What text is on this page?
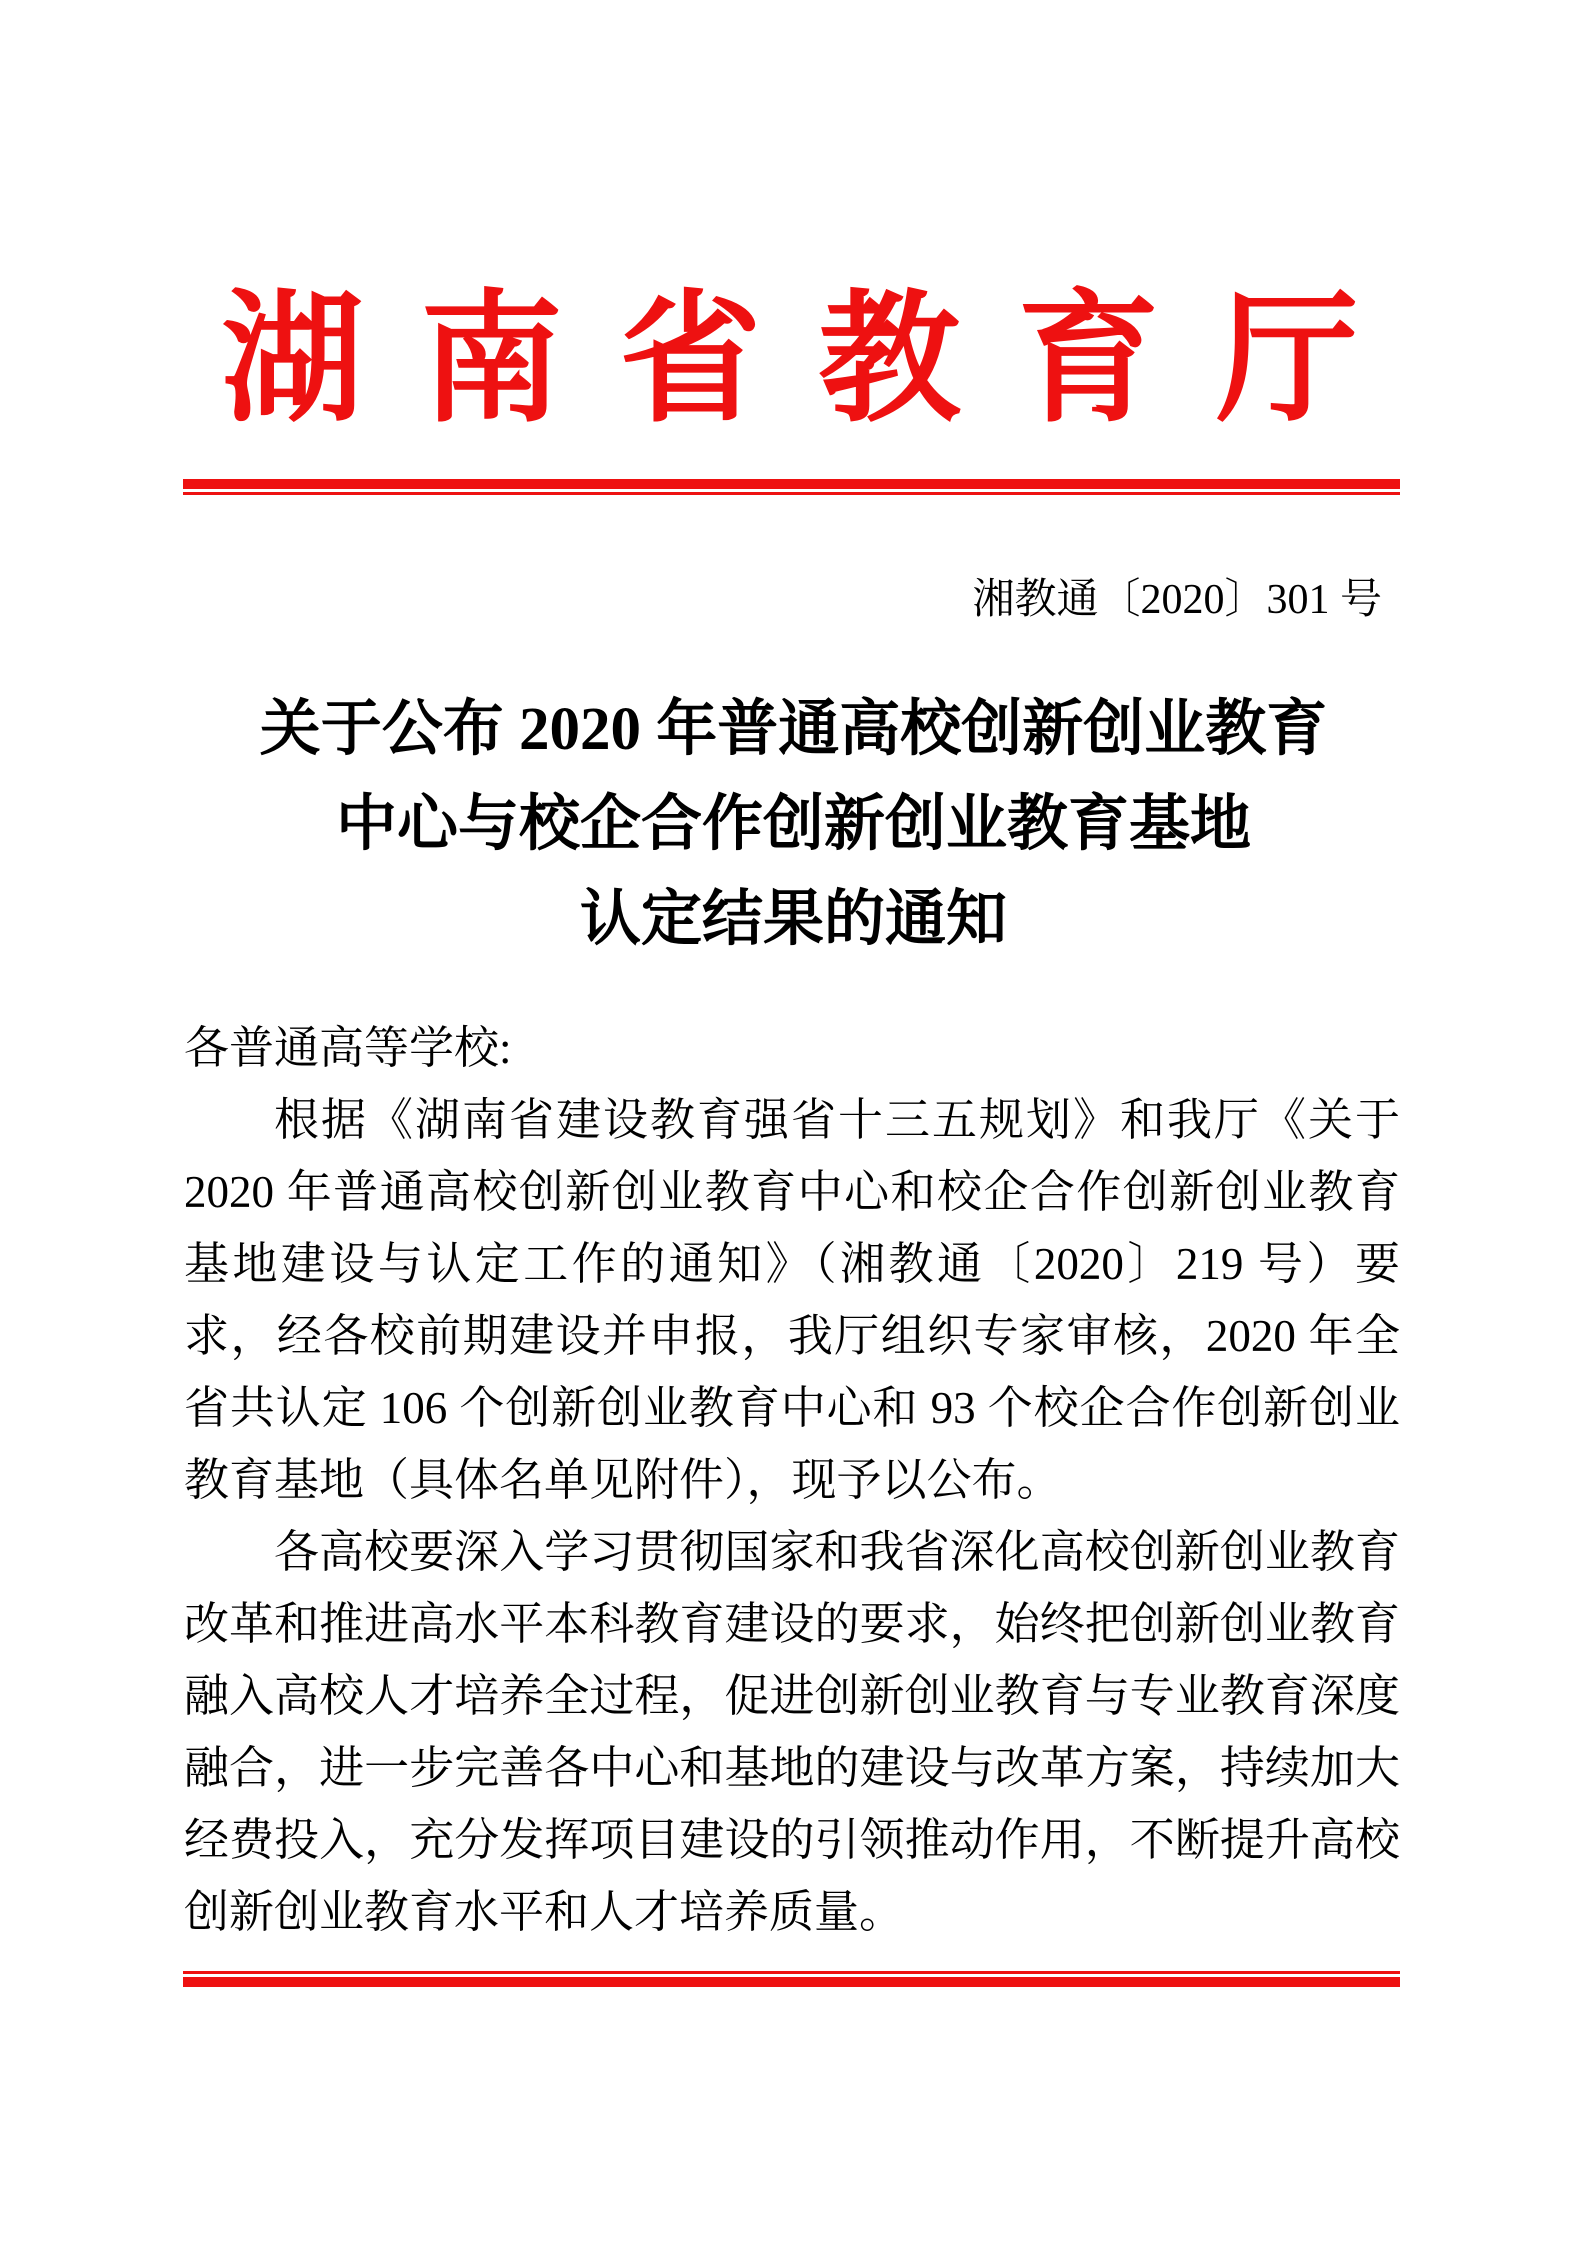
湖南省教育厅
湘教通〔2020〕301 号
关于公布 2020 年普通高校创新创业教育
中心与校企合作创新创业教育基地
认定结果的通知

各普通高等学校:

根据《湖南省建设教育强省十三五规划》和我厅《关于 2020 年普通高校创新创业教育中心和校企合作创新创业教育基地建设与认定工作的通知》（湘教通〔2020〕219 号）要求，经各校前期建设并申报，我厅组织专家审核，2020 年全省共认定 106 个创新创业教育中心和 93 个校企合作创新创业教育基地（具体名单见附件），现予以公布。

各高校要深入学习贯彻国家和我省深化高校创新创业教育改革和推进高水平本科教育建设的要求，始终把创新创业教育融入高校人才培养全过程，促进创新创业教育与专业教育深度融合，进一步完善各中心和基地的建设与改革方案，持续加大经费投入，充分发挥项目建设的引领推动作用，不断提升高校创新创业教育水平和人才培养质量。
